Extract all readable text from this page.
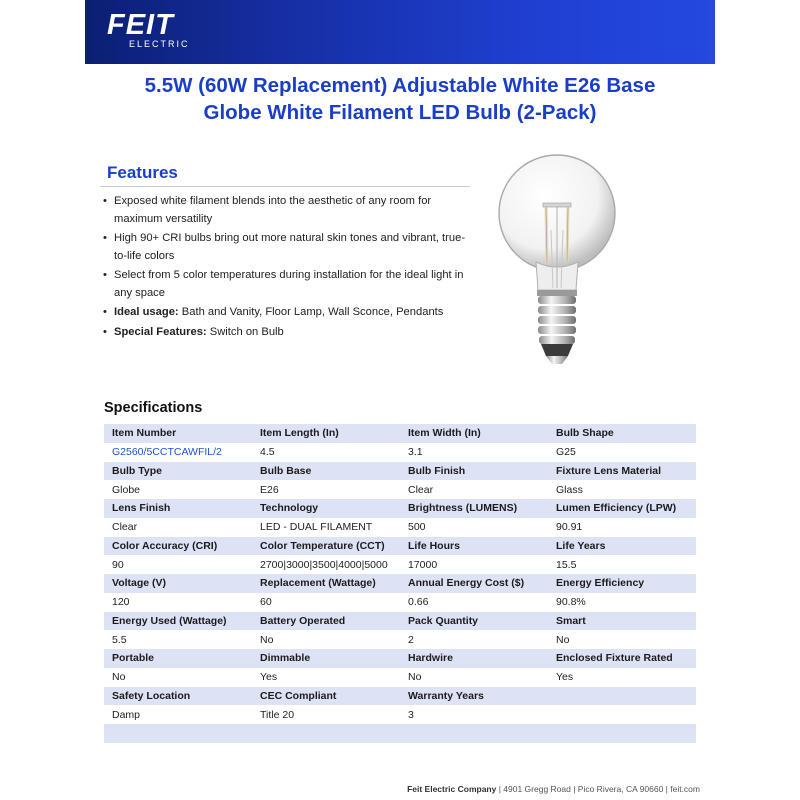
FEIT
ELECTRIC
5.5W (60W Replacement) Adjustable White E26 Base
Globe White Filament LED Bulb (2-Pack)
Features
• Exposed white filament blends into the aesthetic of any room for maximum versatility
• High 90+ CRI bulbs bring out more natural skin tones and vibrant, true-to-life colors
• Select from 5 color temperatures during installation for the ideal light in any space
• Ideal usage: Bath and Vanity, Floor Lamp, Wall Sconce, Pendants
• Special Features: Switch on Bulb
Specifications
Item Number	Item Length (In)	Item Width (In)	Bulb Shape
G2560/5CCTCAWFIL/2	4.5	3.1	G25
Bulb Type	Bulb Base	Bulb Finish	Fixture Lens Material
Globe	E26	Clear	Glass
Lens Finish	Technology	Brightness (LUMENS)	Lumen Efficiency (LPW)
Clear	LED - DUAL FILAMENT	500	90.91
Color Accuracy (CRI)	Color Temperature (CCT)	Life Hours	Life Years
90	2700|3000|3500|4000|5000	17000	15.5
Voltage (V)	Replacement (Wattage)	Annual Energy Cost ($)	Energy Efficiency
120	60	0.66	90.8%
Energy Used (Wattage)	Battery Operated	Pack Quantity	Smart
5.5	No	2	No
Portable	Dimmable	Hardwire	Enclosed Fixture Rated
No	Yes	No	Yes
Safety Location	CEC Compliant	Warranty Years	
Damp	Title 20	3	

Feit Electric Company | 4901 Gregg Road | Pico Rivera, CA 90660 | feit.com
